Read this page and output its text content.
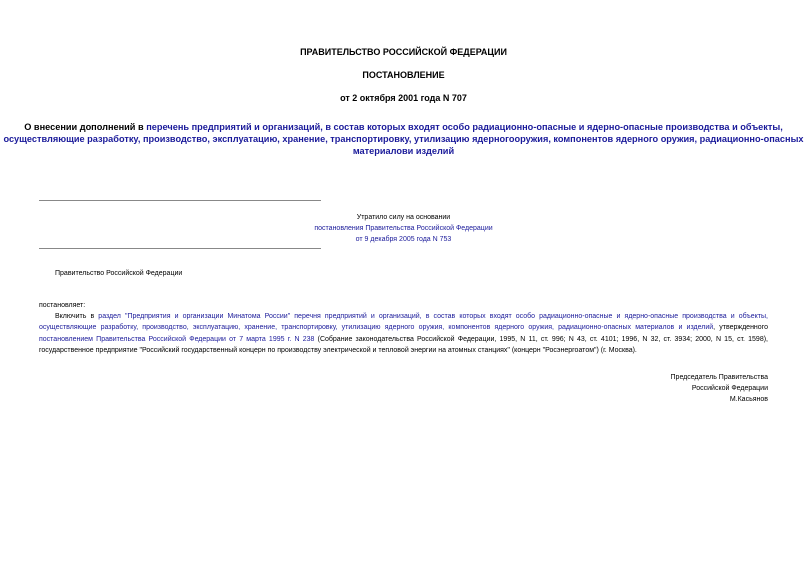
ПРАВИТЕЛЬСТВО РОССИЙСКОЙ ФЕДЕРАЦИИ
ПОСТАНОВЛЕНИЕ
от 2 октября 2001 года N 707
О внесении дополнений в перечень предприятий и организаций, в состав которых входят особо радиационно-опасные и ядерно-опасные производства и объекты, осуществляющие разработку, производство, эксплуатацию, хранение, транспортировку, утилизацию ядерногооружия, компонентов ядерного оружия, радиационно-опасных материалови изделий
Утратило силу на основании
постановления Правительства Российской Федерации
от 9 декабря 2005 года N 753
Правительство Российской Федерации
постановляет:
Включить в раздел "Предприятия и организации Минатома России" перечня предприятий и организаций, в состав которых входят особо радиационно-опасные и ядерно-опасные производства и объекты, осуществляющие разработку, производство, эксплуатацию, хранение, транспортировку, утилизацию ядерного оружия, компонентов ядерного оружия, радиационно-опасных материалов и изделий, утвержденного постановлением Правительства Российской Федерации от 7 марта 1995 г. N 238 (Собрание законодательства Российской Федерации, 1995, N 11, ст. 996; N 43, ст. 4101; 1996, N 32, ст. 3934; 2000, N 15, ст. 1598), государственное предприятие "Российский государственный концерн по производству электрической и тепловой энергии на атомных станциях" (концерн "Росэнергоатом") (г. Москва).
Председатель Правительства
Российской Федерации
М.Касьянов
